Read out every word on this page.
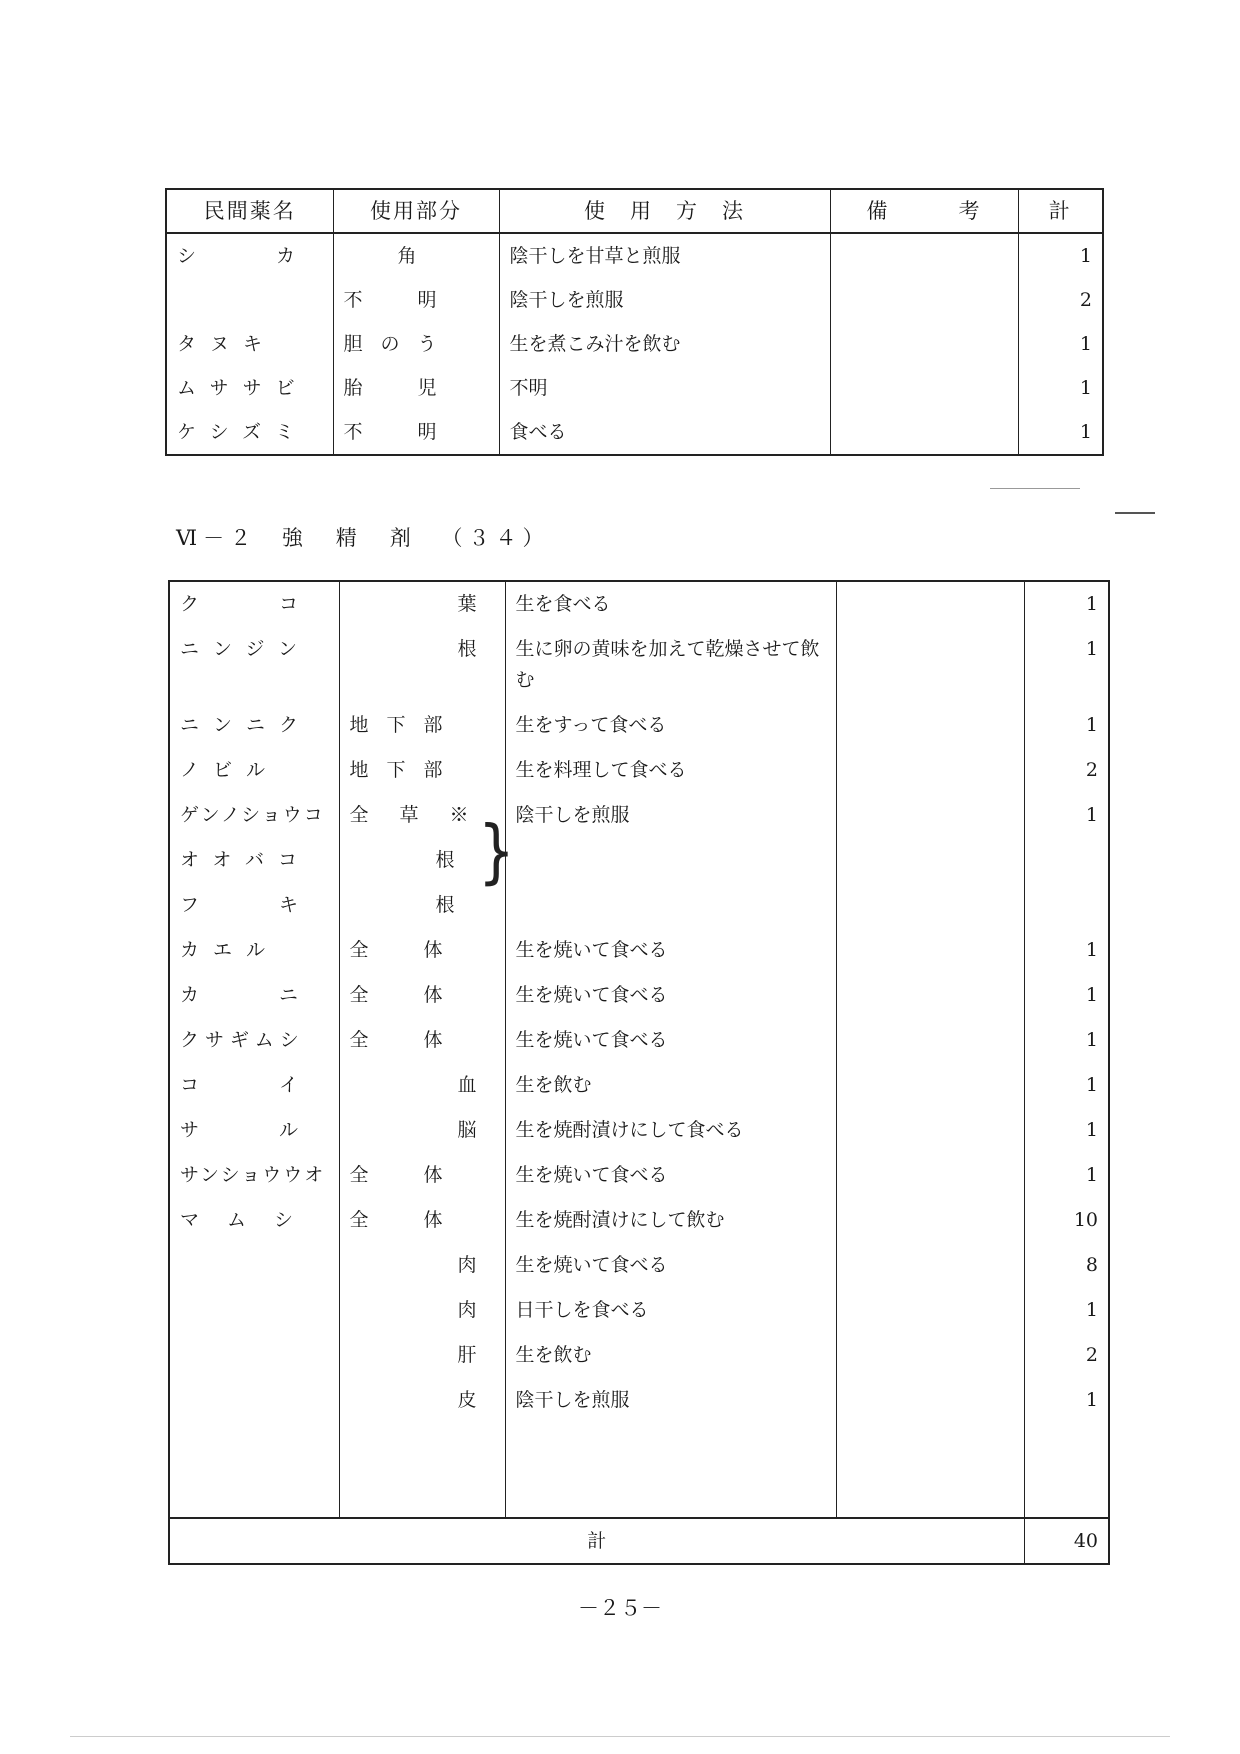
民間薬名	使用部分	使　用　方　法	備　　　考	計
シ　　カ	角	陰干しを甘草と煎服		1
	不　明	陰干しを煎服		2
タヌキ	胆のう	生を煮こみ汁を飲む		1
ムササビ	胎　児	不明		1
ケシズミ	不　明	食べる		1
Ⅵ－２ 強　精　剤 （３４）
ク　　コ	葉	生を食べる		1
ニンジン	根	生に卵の黄味を加えて乾燥させて飲む		1
ニンニク	地下部	生をすって食べる		1
ノビル	地下部	生を料理して食べる		2
ゲンノショウコ	全　草　※	陰干しを煎服		1
オオバコ	根			
フ　　キ	根			
カエル	全　体	生を焼いて食べる		1
カ　　ニ	全　体	生を焼いて食べる		1
クサギムシ	全　体	生を焼いて食べる		1
コ　　イ	血	生を飲む		1
サ　　ル	脳	生を焼酎漬けにして食べる		1
サンショウウオ	全　体	生を焼いて食べる		1
マムシ	全　体	生を焼酎漬けにして飲む		10
	肉	生を焼いて食べる		8
	肉	日干しを食べる		1
	肝	生を飲む		2
	皮	陰干しを煎服		1

計				40
}
－２５－
